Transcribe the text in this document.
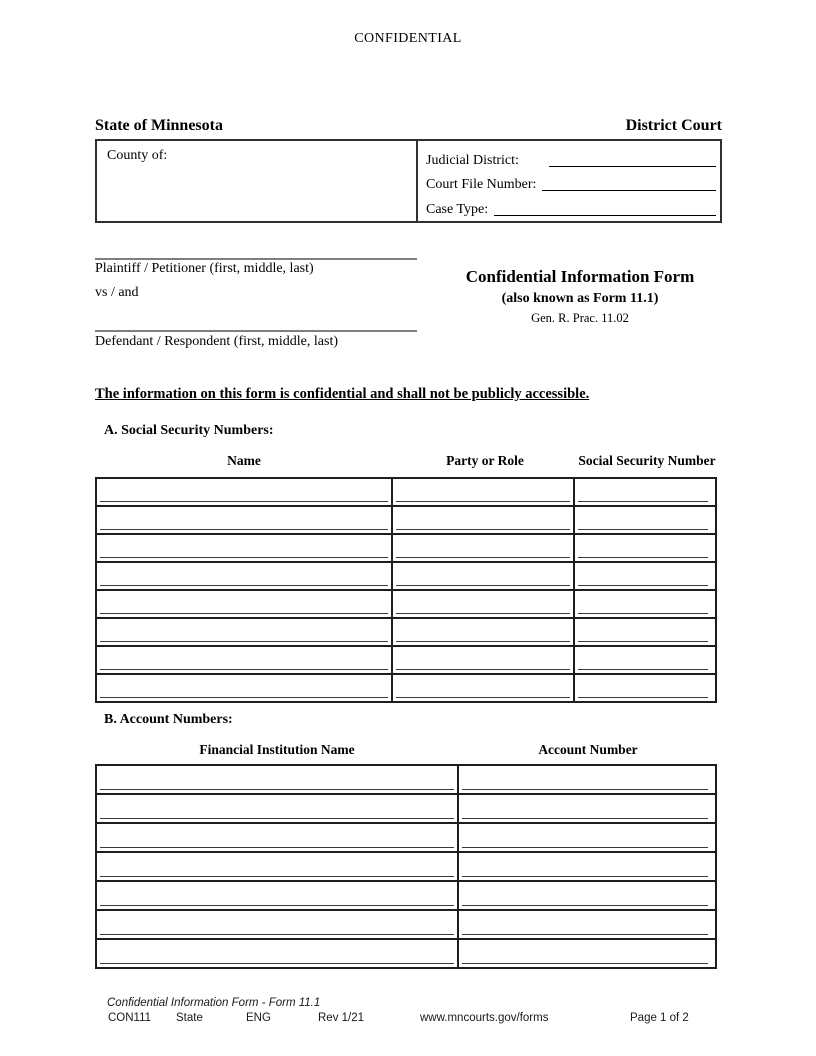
CONFIDENTIAL
State of Minnesota	District Court
County of:	Judicial District:
Court File Number:
Case Type:
Plaintiff / Petitioner (first, middle, last)
vs / and
Defendant / Respondent (first, middle, last)
Confidential Information Form
(also known as Form 11.1)
Gen. R. Prac. 11.02
The information on this form is confidential and shall not be publicly accessible.
A. Social Security Numbers:
Name	Party or Role	Social Security Number
B. Account Numbers:
Financial Institution Name	Account Number
Confidential Information Form - Form 11.1
CON111 State	ENG	Rev 1/21	www.mncourts.gov/forms	Page 1 of 2
